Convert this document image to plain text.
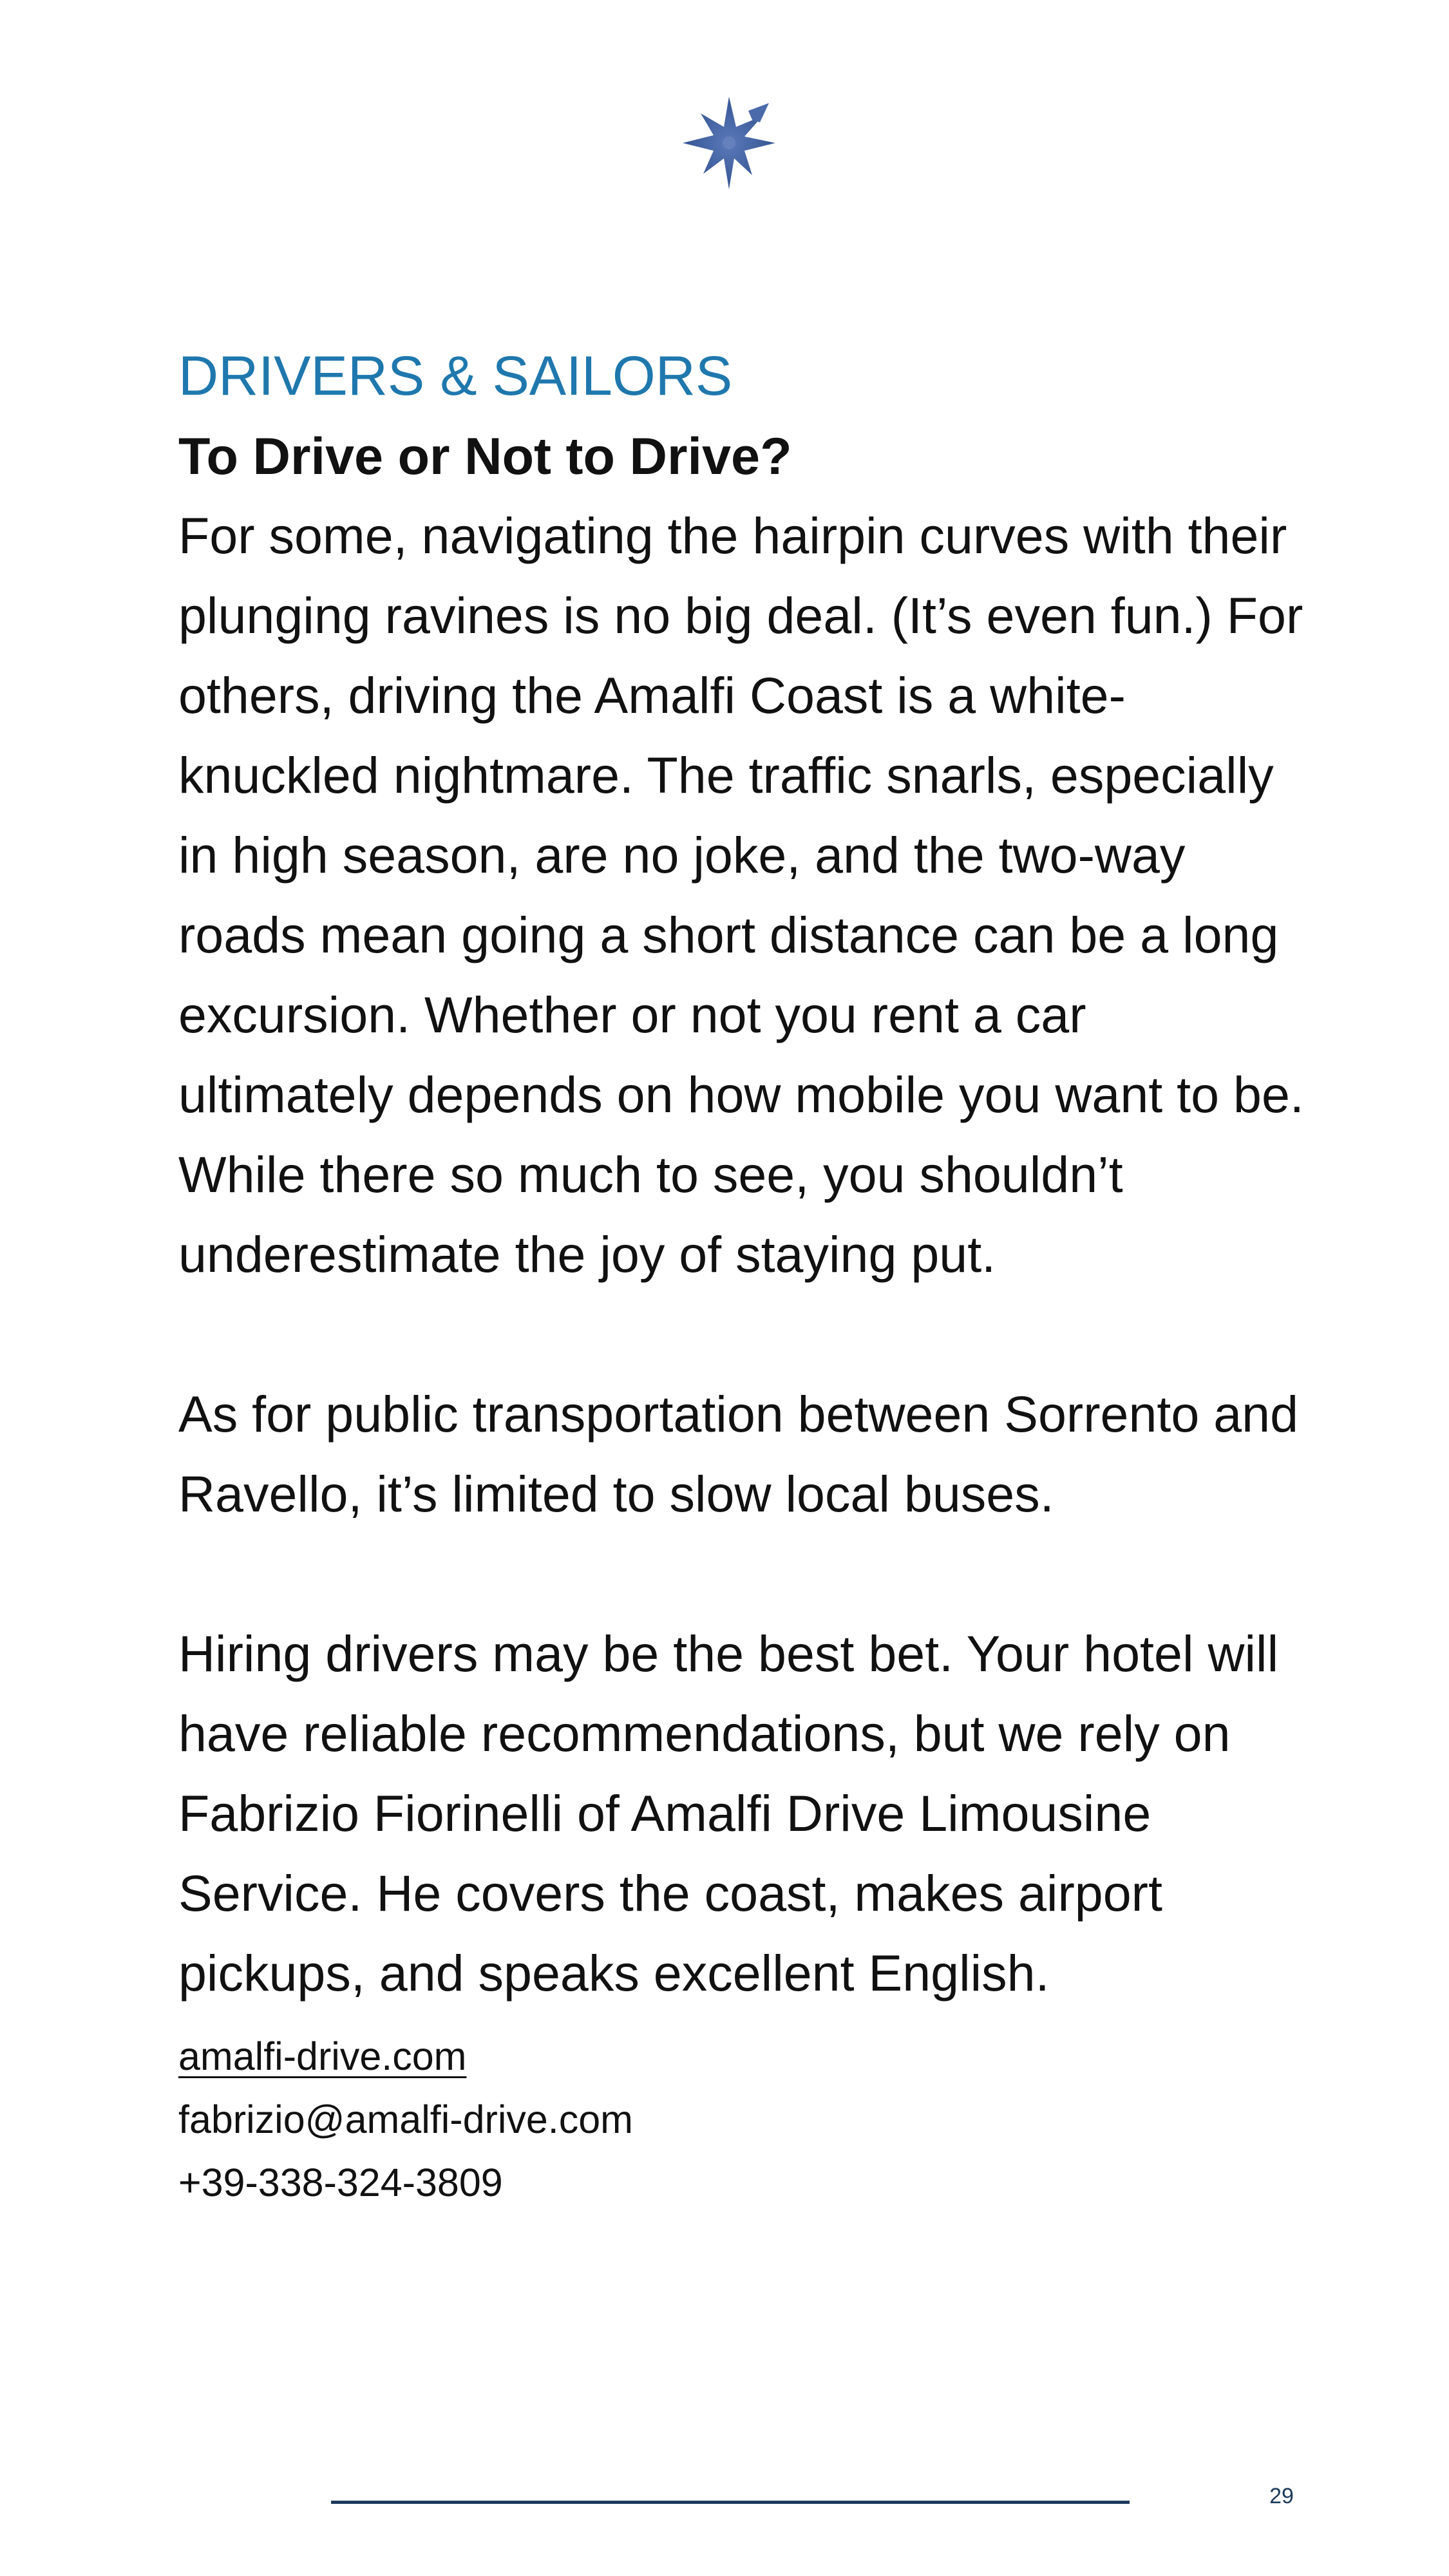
DRIVERS & SAILORS
To Drive or Not to Drive?

For some, navigating the hairpin curves with their plunging ravines is no big deal. (It’s even fun.) For others, driving the Amalfi Coast is a white-knuckled nightmare. The traffic snarls, especially in high season, are no joke, and the two-way roads mean going a short distance can be a long excursion. Whether or not you rent a car ultimately depends on how mobile you want to be. While there so much to see, you shouldn’t underestimate the joy of staying put.

As for public transportation between Sorrento and Ravello, it’s limited to slow local buses.

Hiring drivers may be the best bet. Your hotel will have reliable recommendations, but we rely on Fabrizio Fiorinelli of Amalfi Drive Limousine Service. He covers the coast, makes airport pickups, and speaks excellent English.

amalfi-drive.com
fabrizio@amalfi-drive.com
+39-338-324-3809
29
